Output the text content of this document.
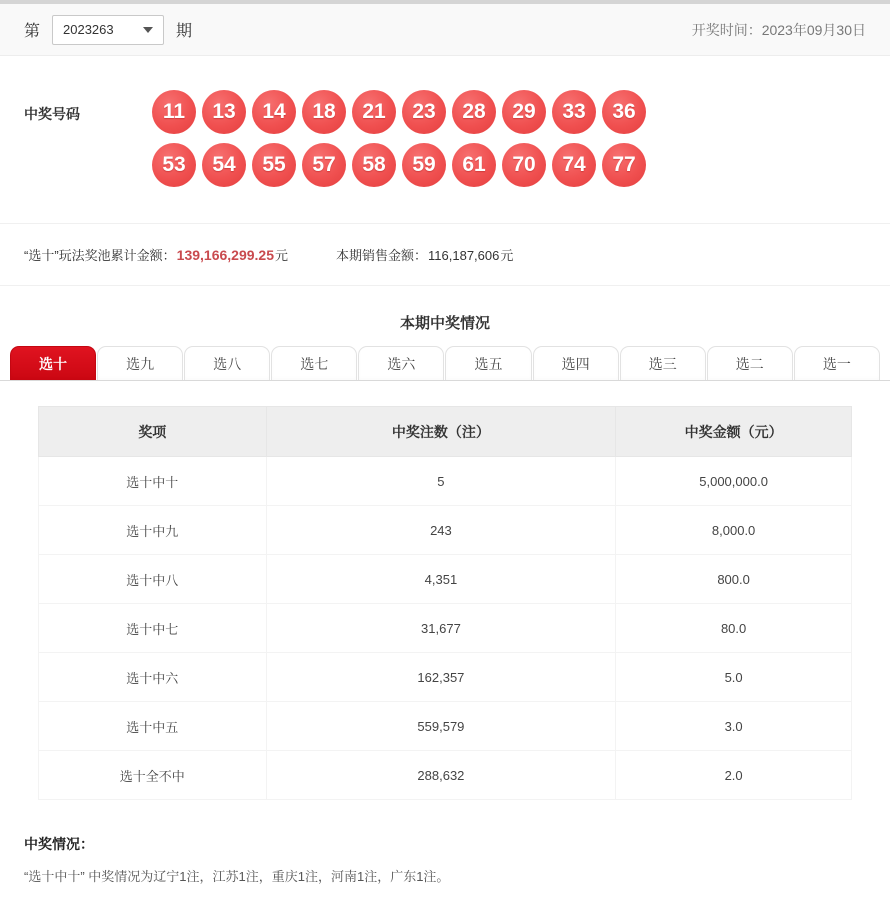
第 2023263	期	开奖时间：2023年09月30日
中奖号码	11	13	14	18	21	23	28	29	33	36
53	54	55	57	58	59	61	70	74	77
“选十”玩法奖池累计金额： 139,166,299.25 元	本期销售金额： 116,187,606 元
本期中奖情况
选十	选九	选八	选七	选六	选五	选四	选三	选二	选一
奖项	中奖注数（注）	中奖金额（元）
选十中十	5	5,000,000.0
选十中九	243	8,000.0
选十中八	4,351	800.0
选十中七	31,677	80.0
选十中六	162,357	5.0
选十中五	559,579	3.0
选十全不中	288,632	2.0
中奖情况：
“选十中十” 中奖情况为辽宁1注，江苏1注，重庆1注，河南1注，广东1注。
